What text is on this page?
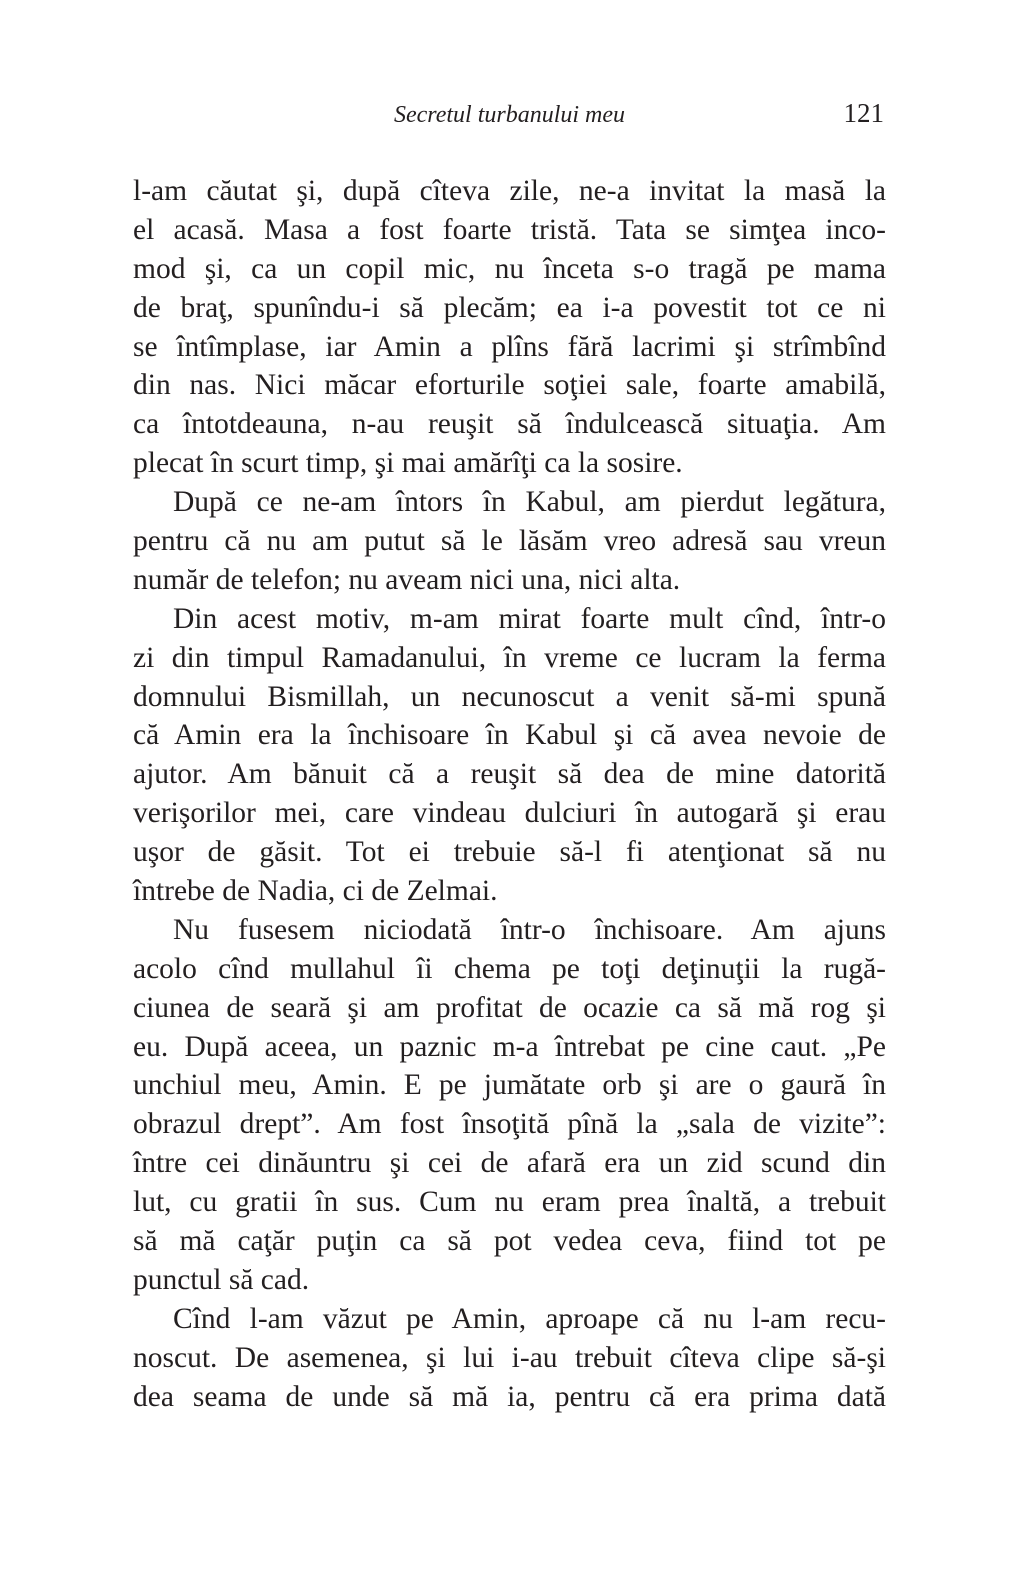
Secretul turbanului meu	121
l-am căutat şi, după cîteva zile, ne-a invitat la masă la
el acasă. Masa a fost foarte tristă. Tata se simţea inco-
mod şi, ca un copil mic, nu înceta s-o tragă pe mama
de braţ, spunîndu-i să plecăm; ea i-a povestit tot ce ni
se întîmplase, iar Amin a plîns fără lacrimi şi strîmbînd
din nas. Nici măcar eforturile soţiei sale, foarte amabilă,
ca întotdeauna, n-au reuşit să îndulcească situaţia. Am
plecat în scurt timp, şi mai amărîţi ca la sosire.
După ce ne-am întors în Kabul, am pierdut legătura,
pentru că nu am putut să le lăsăm vreo adresă sau vreun
număr de telefon; nu aveam nici una, nici alta.
Din acest motiv, m-am mirat foarte mult cînd, într-o
zi din timpul Ramadanului, în vreme ce lucram la ferma
domnului Bismillah, un necunoscut a venit să-mi spună
că Amin era la închisoare în Kabul şi că avea nevoie de
ajutor. Am bănuit că a reuşit să dea de mine datorită
verişorilor mei, care vindeau dulciuri în autogară şi erau
uşor de găsit. Tot ei trebuie să-l fi atenţionat să nu
întrebe de Nadia, ci de Zelmai.
Nu fusesem niciodată într-o închisoare. Am ajuns
acolo cînd mullahul îi chema pe toţi deţinuţii la rugă-
ciunea de seară şi am profitat de ocazie ca să mă rog şi
eu. După aceea, un paznic m-a întrebat pe cine caut. „Pe
unchiul meu, Amin. E pe jumătate orb şi are o gaură în
obrazul drept”. Am fost însoţită pînă la „sala de vizite”:
între cei dinăuntru şi cei de afară era un zid scund din
lut, cu gratii în sus. Cum nu eram prea înaltă, a trebuit
să mă caţăr puţin ca să pot vedea ceva, fiind tot pe
punctul să cad.
Cînd l-am văzut pe Amin, aproape că nu l-am recu-
noscut. De asemenea, şi lui i-au trebuit cîteva clipe să-şi
dea seama de unde să mă ia, pentru că era prima dată
